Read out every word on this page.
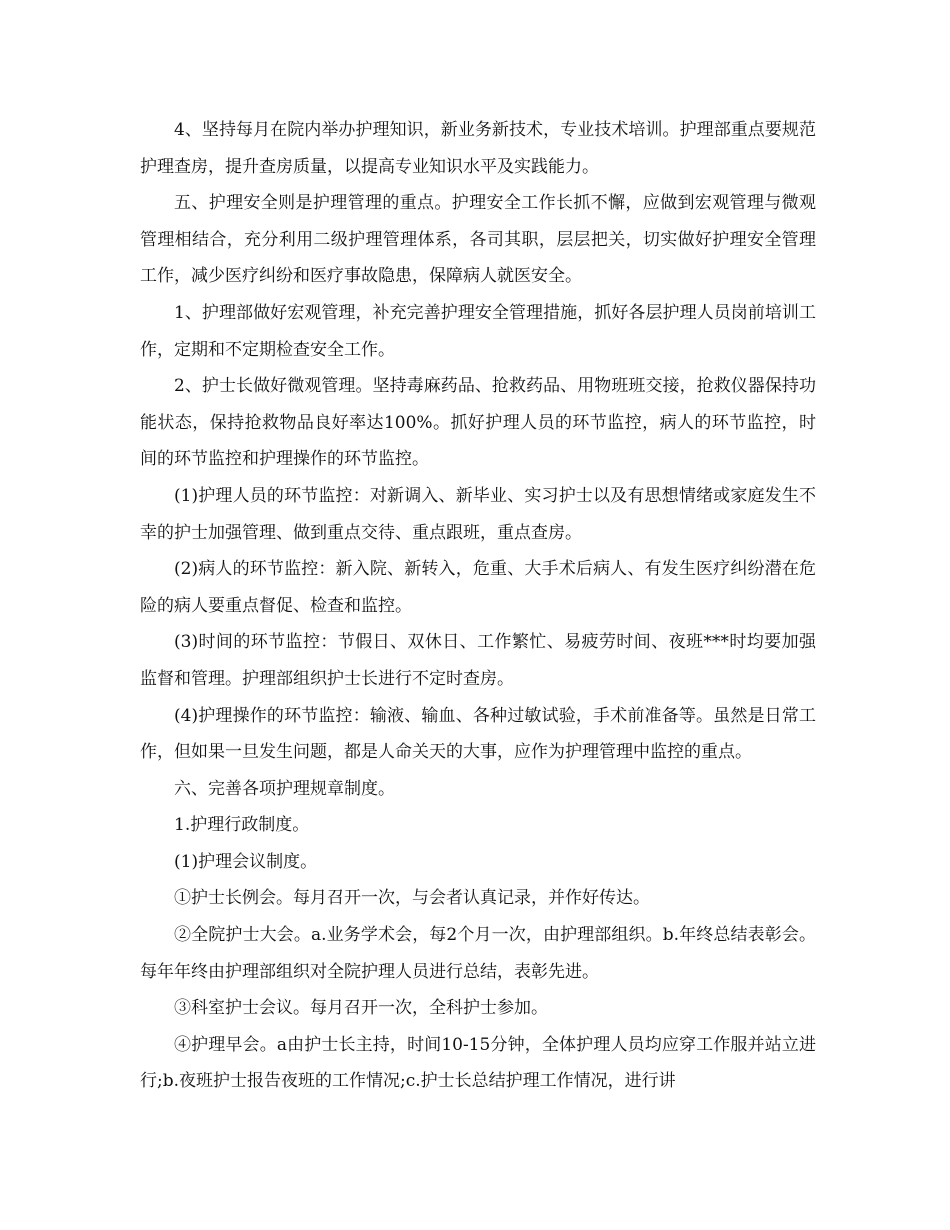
4、坚持每月在院内举办护理知识，新业务新技术，专业技术培训。护理部重点要规范护理查房，提升查房质量，以提高专业知识水平及实践能力。

五、护理安全则是护理管理的重点。护理安全工作长抓不懈，应做到宏观管理与微观管理相结合，充分利用二级护理管理体系，各司其职，层层把关，切实做好护理安全管理工作，减少医疗纠纷和医疗事故隐患，保障病人就医安全。

1、护理部做好宏观管理，补充完善护理安全管理措施，抓好各层护理人员岗前培训工作，定期和不定期检查安全工作。

2、护士长做好微观管理。坚持毒麻药品、抢救药品、用物班班交接，抢救仪器保持功能状态，保持抢救物品良好率达100%。抓好护理人员的环节监控，病人的环节监控，时间的环节监控和护理操作的环节监控。

(1)护理人员的环节监控：对新调入、新毕业、实习护士以及有思想情绪或家庭发生不幸的护士加强管理、做到重点交待、重点跟班，重点查房。

(2)病人的环节监控：新入院、新转入，危重、大手术后病人、有发生医疗纠纷潜在危险的病人要重点督促、检查和监控。

(3)时间的环节监控：节假日、双休日、工作繁忙、易疲劳时间、夜班***时均要加强监督和管理。护理部组织护士长进行不定时查房。

(4)护理操作的环节监控：输液、输血、各种过敏试验，手术前准备等。虽然是日常工作，但如果一旦发生问题，都是人命关天的大事，应作为护理管理中监控的重点。

六、完善各项护理规章制度。

1.护理行政制度。

(1)护理会议制度。

①护士长例会。每月召开一次，与会者认真记录，并作好传达。

②全院护士大会。a.业务学术会，每2个月一次，由护理部组织。b.年终总结表彰会。每年年终由护理部组织对全院护理人员进行总结，表彰先进。

③科室护士会议。每月召开一次，全科护士参加。

④护理早会。a由护士长主持，时间10-15分钟，全体护理人员均应穿工作服并站立进行;b.夜班护士报告夜班的工作情况;c.护士长总结护理工作情况，进行讲
